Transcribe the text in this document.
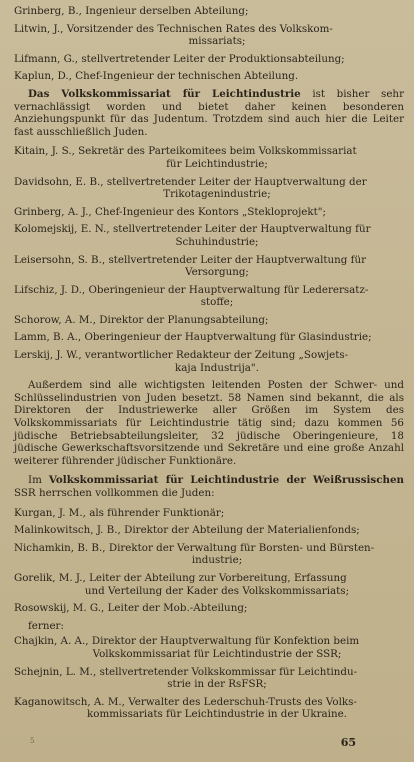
Grinberg, B., Ingenieur derselben Abteilung;

Litwin, J., Vorsitzender des Technischen Rates des Volkskom-
missariats;

Lifmann, G., stellvertretender Leiter der Produktionsabteilung;

Kaplun, D., Chef-Ingenieur der technischen Abteilung.

Das Volkskommissariat für Leichtindustrie ist bisher sehr vernachlässigt worden und bietet daher keinen besonderen Anziehungspunkt für das Judentum. Trotzdem sind auch hier die Leiter fast ausschließlich Juden.

Kitain, J. S., Sekretär des Parteikomitees beim Volkskommissariat
für Leichtindustrie;

Davidsohn, E. B., stellvertretender Leiter der Hauptverwaltung der
Trikotagenindustrie;

Grinberg, A. J., Chef-Ingenieur des Kontors „Stekloprojekt";

Kolomejskij, E. N., stellvertretender Leiter der Hauptverwaltung für
Schuhindustrie;

Leisersohn, S. B., stellvertretender Leiter der Hauptverwaltung für
Versorgung;

Lifschiz, J. D., Oberingenieur der Hauptverwaltung für Lederersatz-
stoffe;

Schorow, A. M., Direktor der Planungsabteilung;

Lamm, B. A., Oberingenieur der Hauptverwaltung für Glasindustrie;

Lerskij, J. W., verantwortlicher Redakteur der Zeitung „Sowjets-
kaja Industrija".

Außerdem sind alle wichtigsten leitenden Posten der Schwer- und Schlüsselindustrien von Juden besetzt. 58 Namen sind bekannt, die als Direktoren der Industriewerke aller Größen im System des Volkskommissariats für Leichtindustrie tätig sind; dazu kommen 56 jüdische Betriebsabteilungsleiter, 32 jüdische Oberingenieure, 18 jüdische Gewerkschaftsvorsitzende und Sekretäre und eine große Anzahl weiterer führender jüdischer Funktionäre.

Im Volkskommissariat für Leichtindustrie der Weißrussischen SSR herrschen vollkommen die Juden:

Kurgan, J. M., als führender Funktionär;

Malinkowitsch, J. B., Direktor der Abteilung der Materialienfonds;

Nichamkin, B. B., Direktor der Verwaltung für Borsten- und Bürsten-
industrie;

Gorelik, M. J., Leiter der Abteilung zur Vorbereitung, Erfassung
und Verteilung der Kader des Volkskommissariats;

Rosowskij, M. G., Leiter der Mob.-Abteilung;

ferner:

Chajkin, A. A., Direktor der Hauptverwaltung für Konfektion beim
Volkskommissariat für Leichtindustrie der SSR;

Schejnin, L. M., stellvertretender Volkskommissar für Leichtindu-
strie in der RsFSR;

Kaganowitsch, A. M., Verwalter des Lederschuh-Trusts des Volks-
kommissariats für Leichtindustrie in der Ukraine.

5	65
